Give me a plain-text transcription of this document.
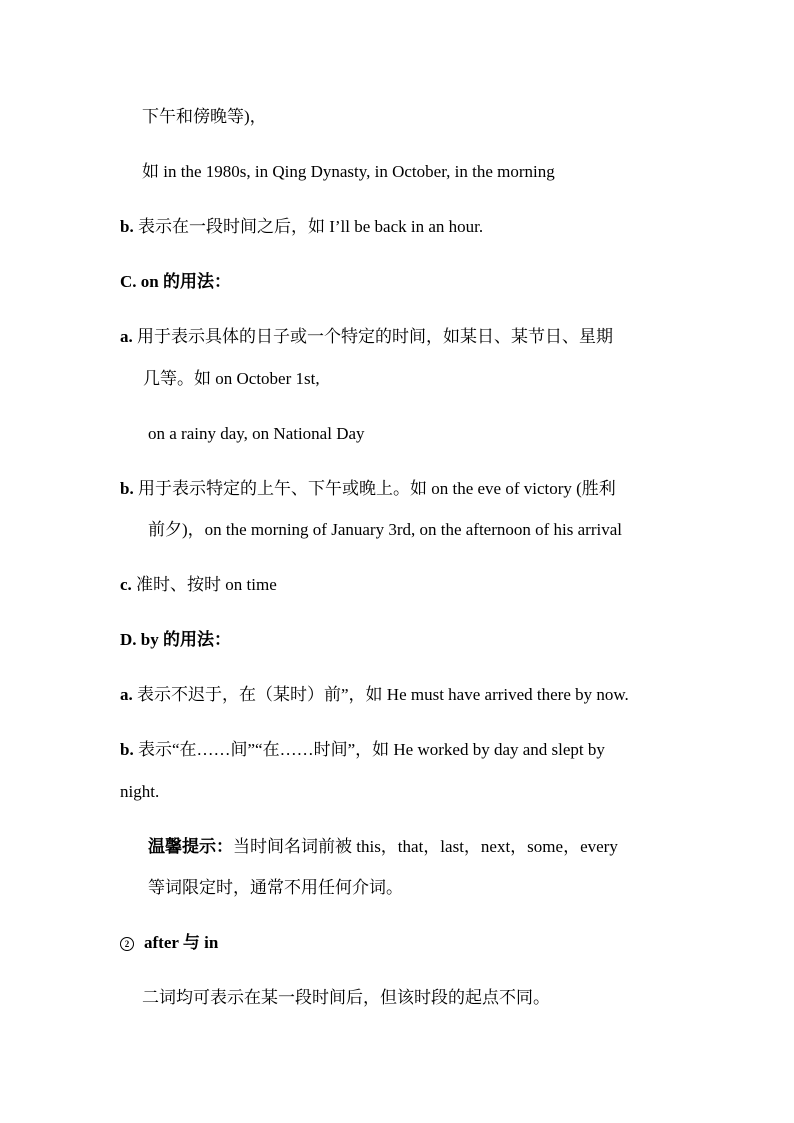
下午和傍晚等)，
如 in the 1980s, in Qing Dynasty, in October, in the morning
b. 表示在一段时间之后，如 I’ll be back in an hour.
C. on 的用法：
a. 用于表示具体的日子或一个特定的时间，如某日、某节日、星期
几等。如 on October 1st,
on a rainy day, on National Day
b. 用于表示特定的上午、下午或晚上。如 on the eve of victory (胜利
前夕)，on the morning of January 3rd, on the afternoon of his arrival
c. 准时、按时 on time
D. by 的用法：
a. 表示不迟于，在（某时）前”，如 He must have arrived there by now.
b. 表示“在……间”“在……时间”，如 He worked by day and slept by
night.
温馨提示：当时间名词前被 this，that，last，next，some，every
等词限定时，通常不用任何介词。
2 after 与 in
二词均可表示在某一段时间后，但该时段的起点不同。
